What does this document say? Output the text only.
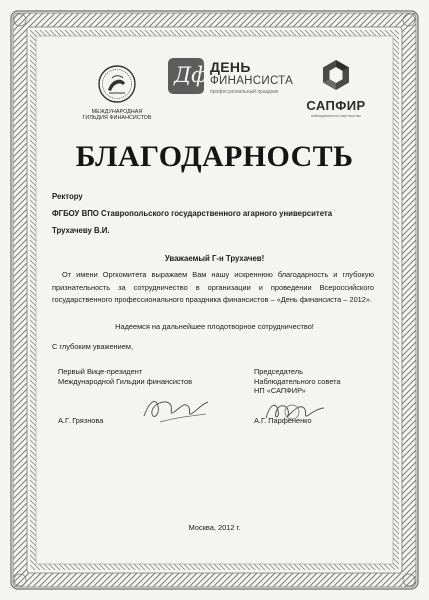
МЕЖДУНАРОДНАЯ ГИЛЬДИЯ ФИНАНСИСТОВ
Дф ДЕНЬ
ФИНАНСИСТА
профессиональный праздник
САПФИР
наблюдательное партнерство
БЛАГОДАРНОСТЬ
Ректору
ФГБОУ ВПО Ставропольского государственного агарного университета
Трухачеву В.И.
Уважаемый Г-н Трухачев!
От имени Оргкомитета выражаем Вам нашу искреннюю благодарность и глубокую признательность за сотрудничество в организации и проведении Всероссийского государственного профессионального праздника финансистов – «День финансиста – 2012».
Надеемся на дальнейшее плодотворное сотрудничество!
С глубоким уважением,
Первый Вице-президент
Международной Гильдии финансистов
Председатель
Наблюдательного совета
НП «САПФИР»
А.Г. Грязнова	А.Г. Парфененко
Москва, 2012 г.
